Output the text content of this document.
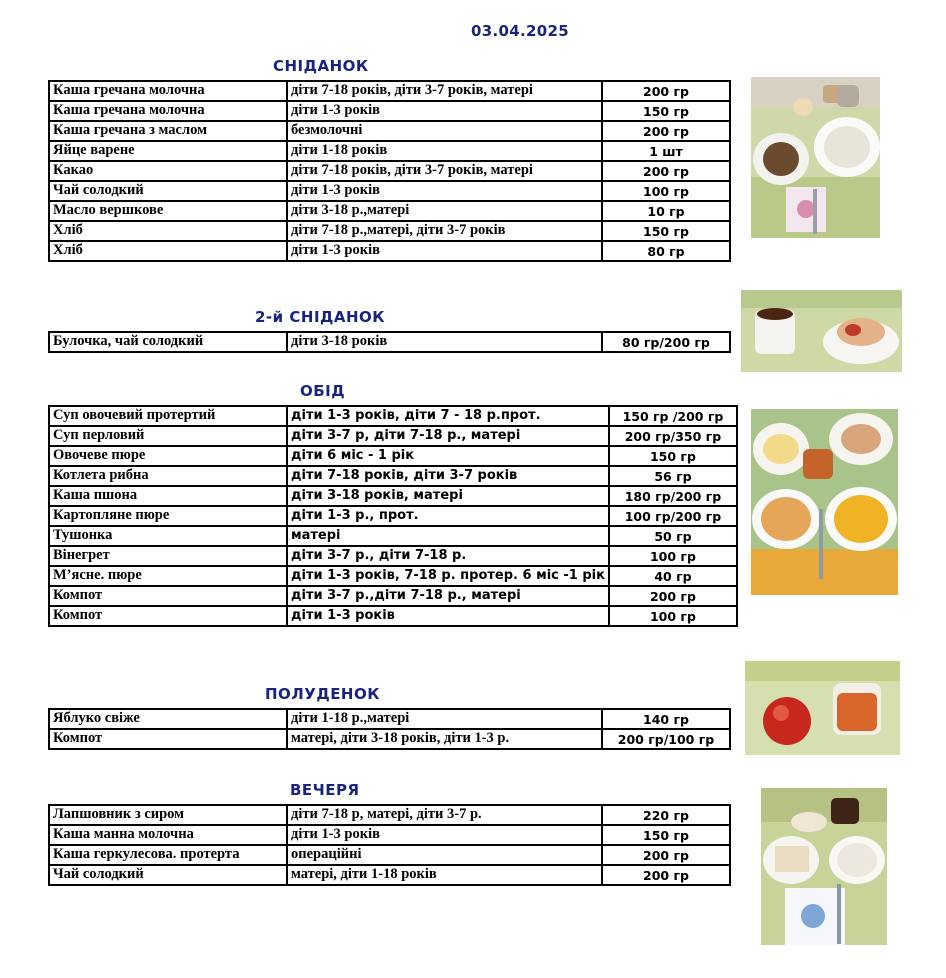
03.04.2025
СНІДАНОК
Каша гречана молочна	діти 7-18 років, діти 3-7 років, матері	200 гр
Каша гречана молочна	діти 1-3 років	150 гр
Каша гречана з маслом	безмолочні	200 гр
Яйце варене	діти 1-18 років	1 шт
Какао	діти 7-18 років, діти 3-7 років, матері	200 гр
Чай солодкий	діти 1-3 років	100 гр
Масло вершкове	діти 3-18 р.,матері	10 гр
Хліб	діти 7-18 р.,матері, діти 3-7 років	150 гр
Хліб	діти 1-3 років	80 гр
2-й СНІДАНОК
Булочка, чай солодкий	діти 3-18 років	80 гр/200 гр
ОБІД
Суп овочевий протертий	діти 1-3 років, діти 7 - 18 р.прот.	150 гр /200 гр
Суп перловий	діти 3-7 р, діти 7-18 р., матері	200 гр/350 гр
Овочеве пюре	діти 6 міс - 1 рік	150 гр
Котлета рибна	діти 7-18 років, діти 3-7 років	56 гр
Каша пшона	діти 3-18 років, матері	180 гр/200 гр
Картопляне пюре	діти 1-3 р., прот.	100 гр/200 гр
Тушонка	матері	50 гр
Вінегрет	діти 3-7 р., діти 7-18 р.	100 гр
М’ясне. пюре	діти 1-3 років, 7-18 р. протер. 6 міс -1 рік	40 гр
Компот	діти 3-7 р.,діти 7-18 р., матері	200 гр
Компот	діти 1-3 років	100 гр
ПОЛУДЕНОК
Яблуко свіже	діти 1-18 р.,матері	140 гр
Компот	матері, діти 3-18 років, діти 1-3 р.	200 гр/100 гр
ВЕЧЕРЯ
Лапшовник з сиром	діти 7-18 р, матері, діти 3-7 р.	220 гр
Каша манна молочна	діти 1-3 років	150 гр
Каша геркулесова. протерта	операційні	200 гр
Чай солодкий	матері, діти 1-18 років	200 гр
